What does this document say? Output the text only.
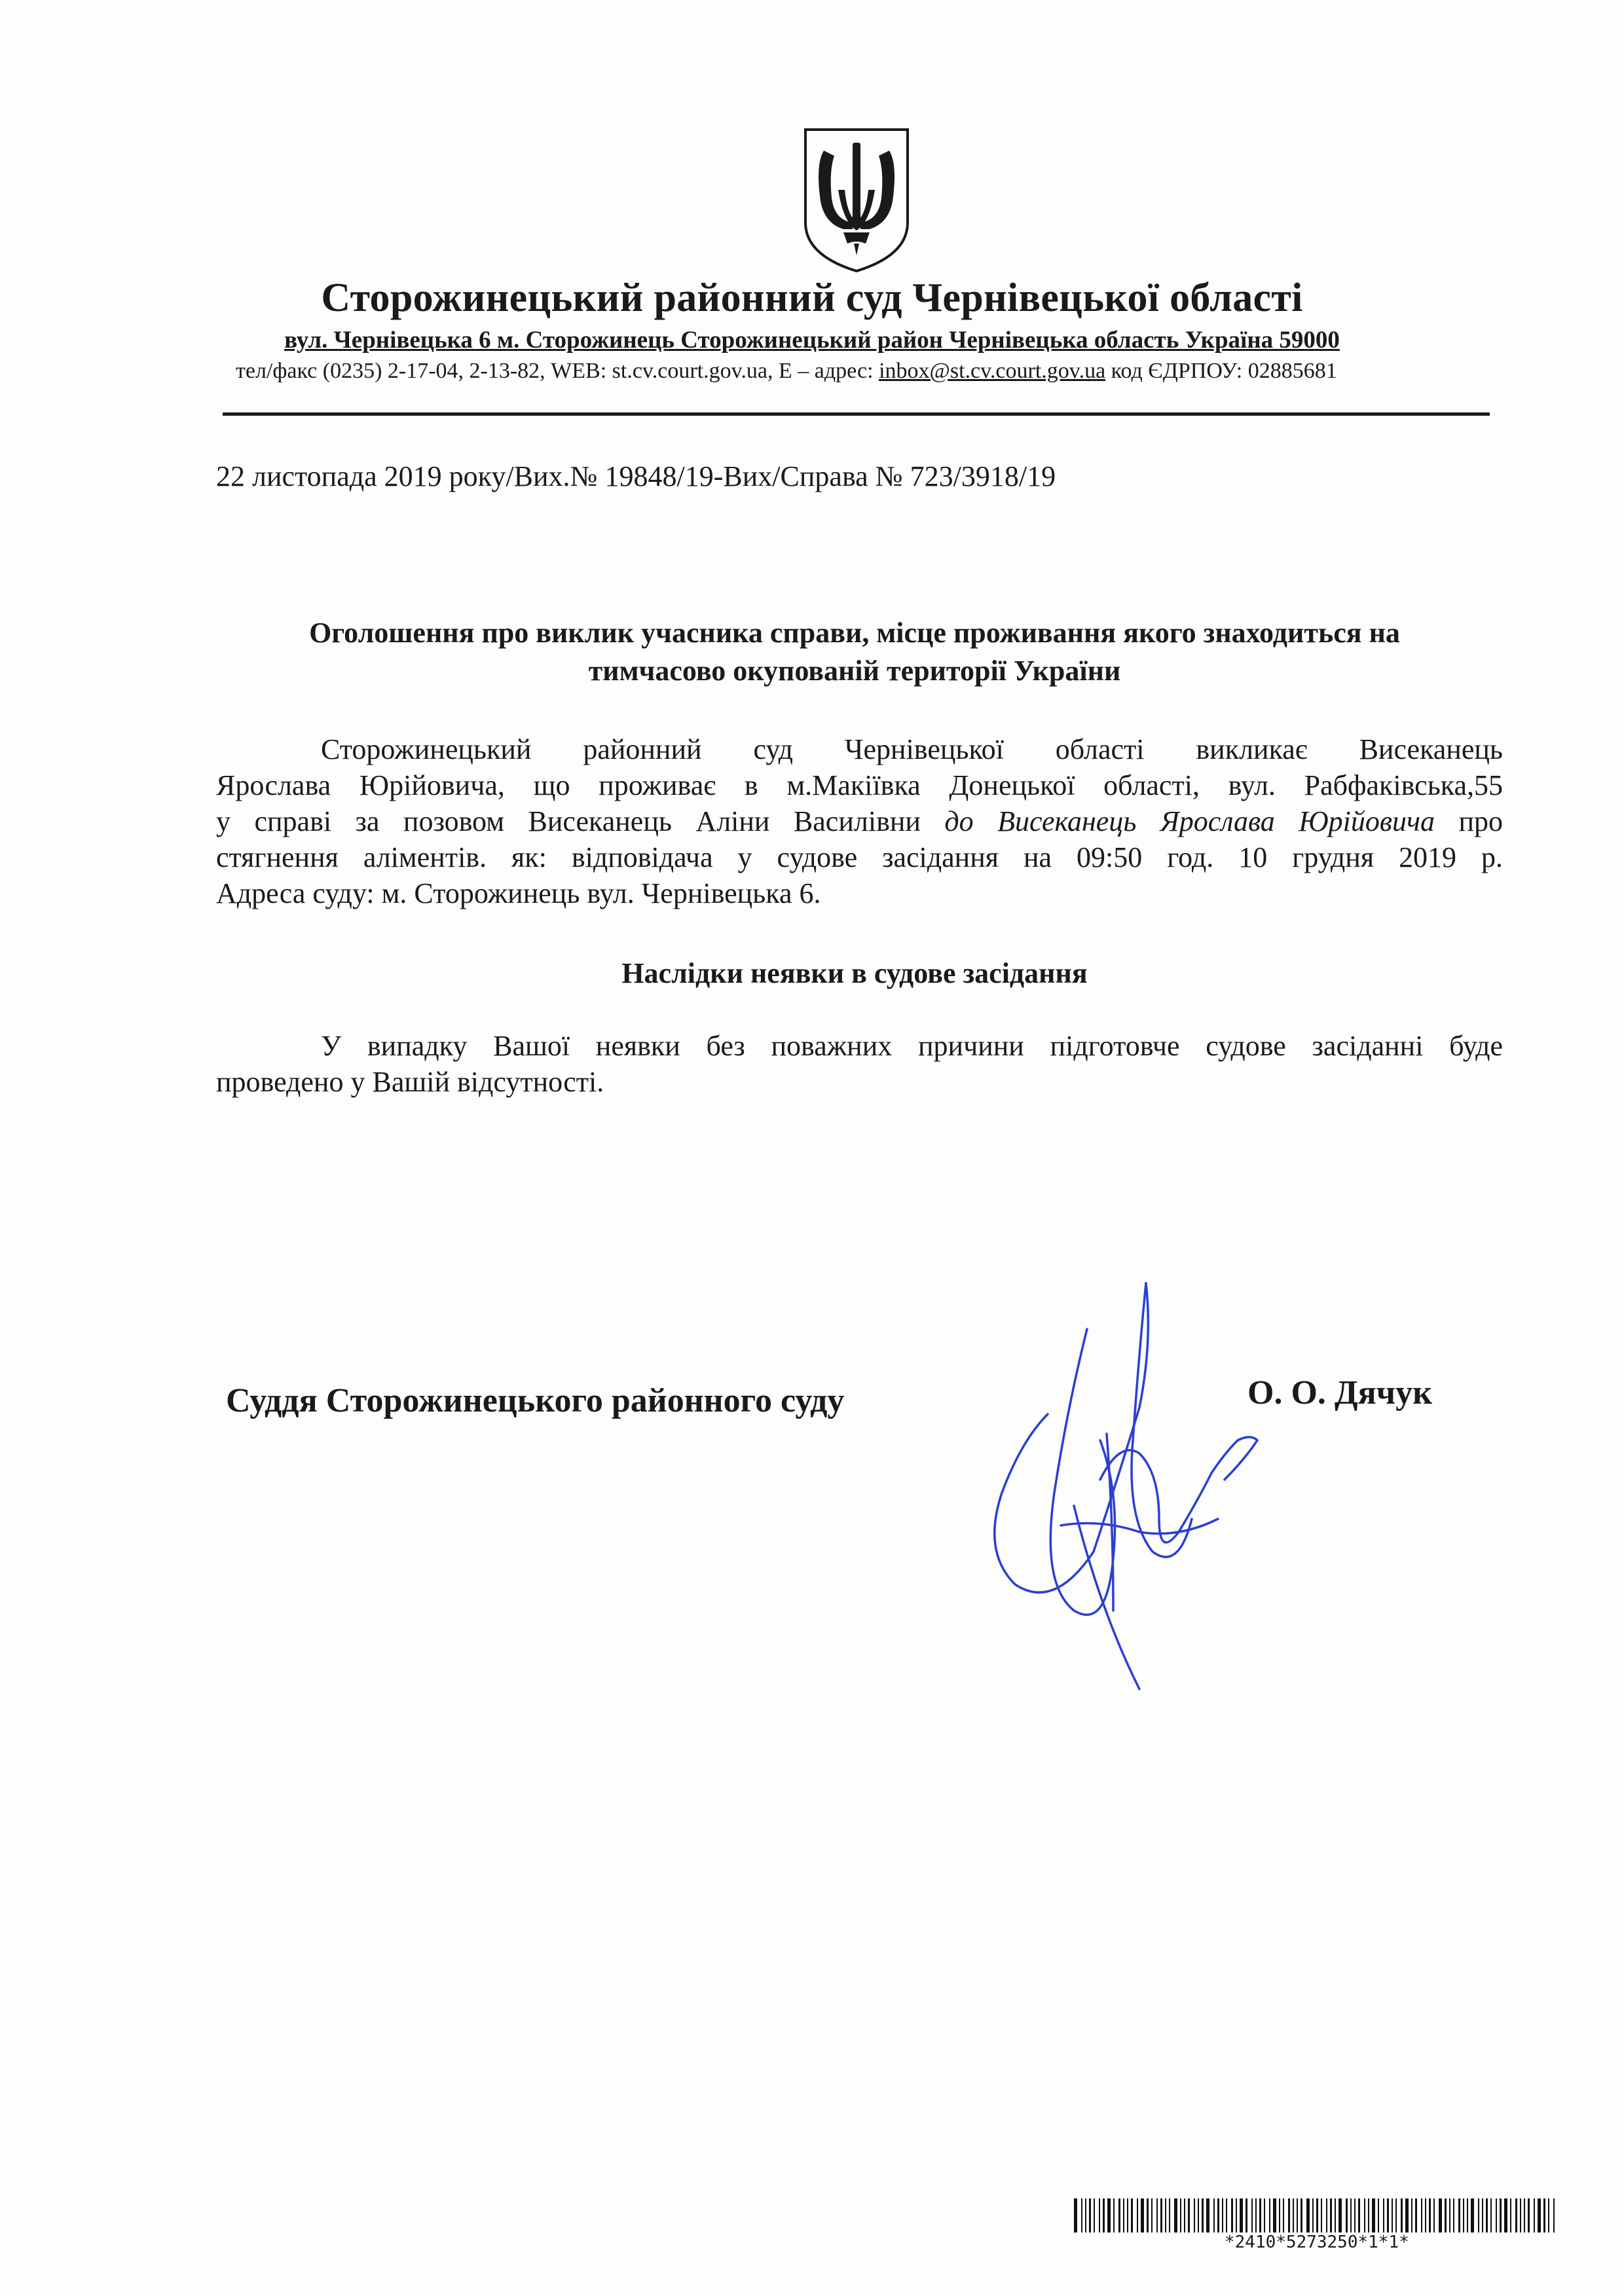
Сторожинецький районний суд Чернівецької області
вул. Чернівецька 6 м. Сторожинець Сторожинецький район Чернівецька область Україна 59000
тел/факс (0235) 2-17-04, 2-13-82, WEB: st.cv.court.gov.ua, E – адрес: inbox@st.cv.court.gov.ua код ЄДРПОУ: 02885681
22 листопада 2019 року/Вих.№ 19848/19-Вих/Справа № 723/3918/19
Оголошення про виклик учасника справи, місце проживання якого знаходиться на
тимчасово окупованій території України
Сторожинецький районний суд Чернівецької області викликає Висеканець
Ярослава Юрійовича, що проживає в м.Макіївка Донецької області, вул. Рабфаківська,55
у справі за позовом Висеканець Аліни Василівни до Висеканець Ярослава Юрійовича про
стягнення аліментів. як: відповідача у судове засідання на 09:50 год. 10 грудня 2019 р.
Адреса суду: м. Сторожинець вул. Чернівецька 6.
Наслідки неявки в судове засідання
У випадку Вашої неявки без поважних причини підготовче судове засіданні буде
проведено у Вашій відсутності.
Суддя Сторожинецького районного суду	О. О. Дячук
*2410*5273250*1*1*
